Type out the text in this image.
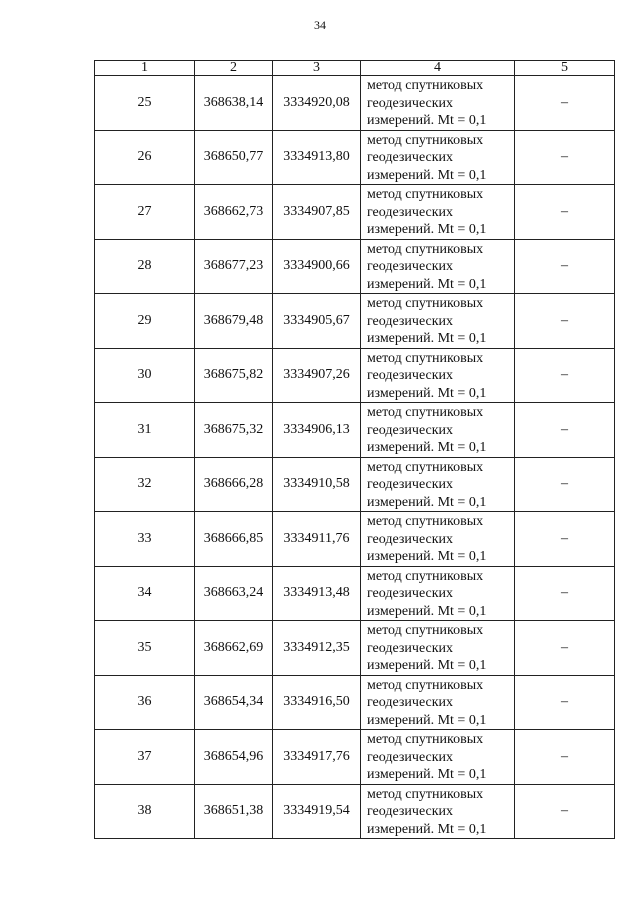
34
1	2	3	4	5
25	368638,14	3334920,08	метод спутниковых
геодезических
измерений. Mt = 0,1	–
26	368650,77	3334913,80	метод спутниковых
геодезических
измерений. Mt = 0,1	–
27	368662,73	3334907,85	метод спутниковых
геодезических
измерений. Mt = 0,1	–
28	368677,23	3334900,66	метод спутниковых
геодезических
измерений. Mt = 0,1	–
29	368679,48	3334905,67	метод спутниковых
геодезических
измерений. Mt = 0,1	–
30	368675,82	3334907,26	метод спутниковых
геодезических
измерений. Mt = 0,1	–
31	368675,32	3334906,13	метод спутниковых
геодезических
измерений. Mt = 0,1	–
32	368666,28	3334910,58	метод спутниковых
геодезических
измерений. Mt = 0,1	–
33	368666,85	3334911,76	метод спутниковых
геодезических
измерений. Mt = 0,1	–
34	368663,24	3334913,48	метод спутниковых
геодезических
измерений. Mt = 0,1	–
35	368662,69	3334912,35	метод спутниковых
геодезических
измерений. Mt = 0,1	–
36	368654,34	3334916,50	метод спутниковых
геодезических
измерений. Mt = 0,1	–
37	368654,96	3334917,76	метод спутниковых
геодезических
измерений. Mt = 0,1	–
38	368651,38	3334919,54	метод спутниковых
геодезических
измерений. Mt = 0,1	–
